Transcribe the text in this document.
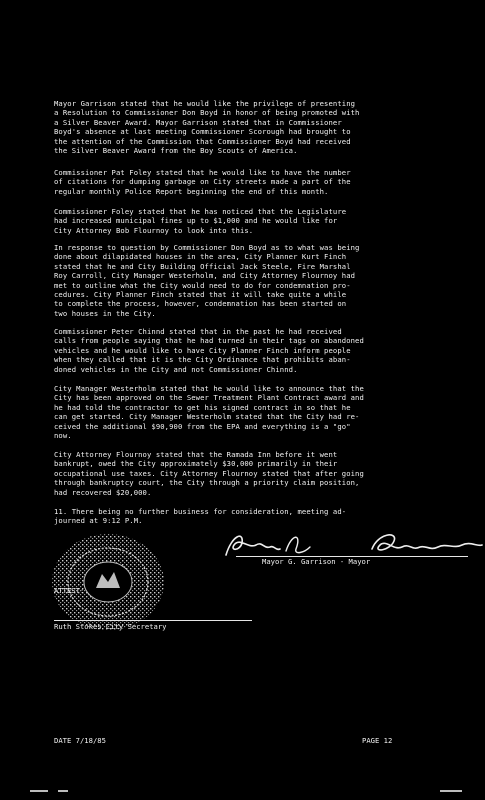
Mayor Garrison stated that he would like the privilege of presenting
a Resolution to Commissioner Don Boyd in honor of being promoted with
a Silver Beaver Award. Mayor Garrison stated that in Commissioner
Boyd's absence at last meeting Commissioner Scorough had brought to
the attention of the Commission that Commissioner Boyd had received
the Silver Beaver Award from the Boy Scouts of America.

Commissioner Pat Foley stated that he would like to have the number
of citations for dumping garbage on City streets made a part of the
regular monthly Police Report beginning the end of this month.

Commissioner Foley stated that he has noticed that the Legislature
had increased municipal fines up to $1,000 and he would like for
City Attorney Bob Flournoy to look into this.

In response to question by Commissioner Don Boyd as to what was being
done about dilapidated houses in the area, City Planner Kurt Finch
stated that he and City Building Official Jack Steele, Fire Marshal
Roy Carroll, City Manager Westerholm, and City Attorney Flournoy had
met to outline what the City would need to do for condemnation pro-
cedures. City Planner Finch stated that it will take quite a while
to complete the process, however, condemnation has been started on
two houses in the City.

Commissioner Peter Chinnd stated that in the past he had received
calls from people saying that he had turned in their tags on abandoned
vehicles and he would like to have City Planner Finch inform people
when they called that it is the City Ordinance that prohibits aban-
doned vehicles in the City and not Commissioner Chinnd.

City Manager Westerholm stated that he would like to announce that the
City has been approved on the Sewer Treatment Plant Contract award and
he had told the contractor to get his signed contract in so that he
can get started. City Manager Westerholm stated that the City had re-
ceived the additional $90,900 from the EPA and everything is a "go"
now.

City Attorney Flournoy stated that the Ramada Inn before it went
bankrupt, owed the City approximately $30,000 primarily in their
occupational use taxes. City Attorney Flournoy stated that after going
through bankruptcy court, the City through a priority claim position,
had recovered $20,000.

11. There being no further business for consideration, meeting ad-
journed at 9:12 P.M.

Mayor G. Garrison - Mayor
ATTEST:
Ruth Stokes City Secretary
DATE 7/18/85	PAGE 12
